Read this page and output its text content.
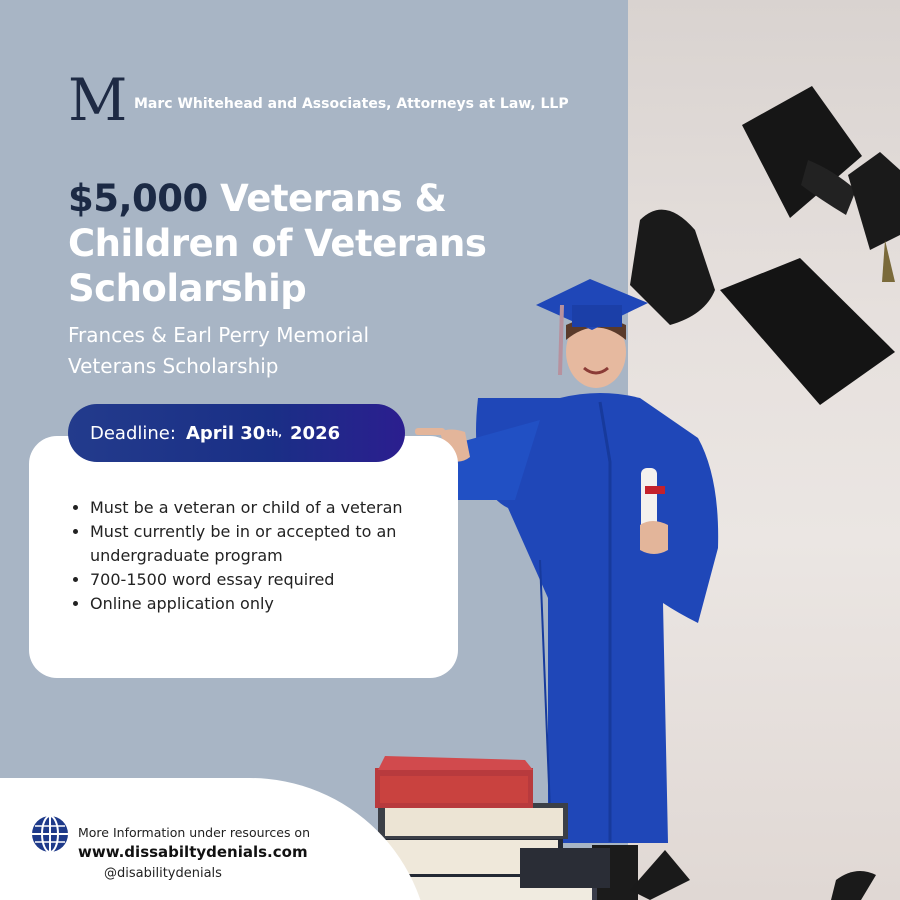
M Marc Whitehead and Associates, Attorneys at Law, LLP
$5,000 Veterans & Children of Veterans Scholarship
Frances & Earl Perry Memorial Veterans Scholarship
• Must be a veteran or child of a veteran
• Must currently be in or accepted to an undergraduate program
• 700-1500 word essay required
• Online application only
Deadline: April 30 th, 2026
More Information under resources on
www.dissabiltydenials.com
@disabilitydenials
